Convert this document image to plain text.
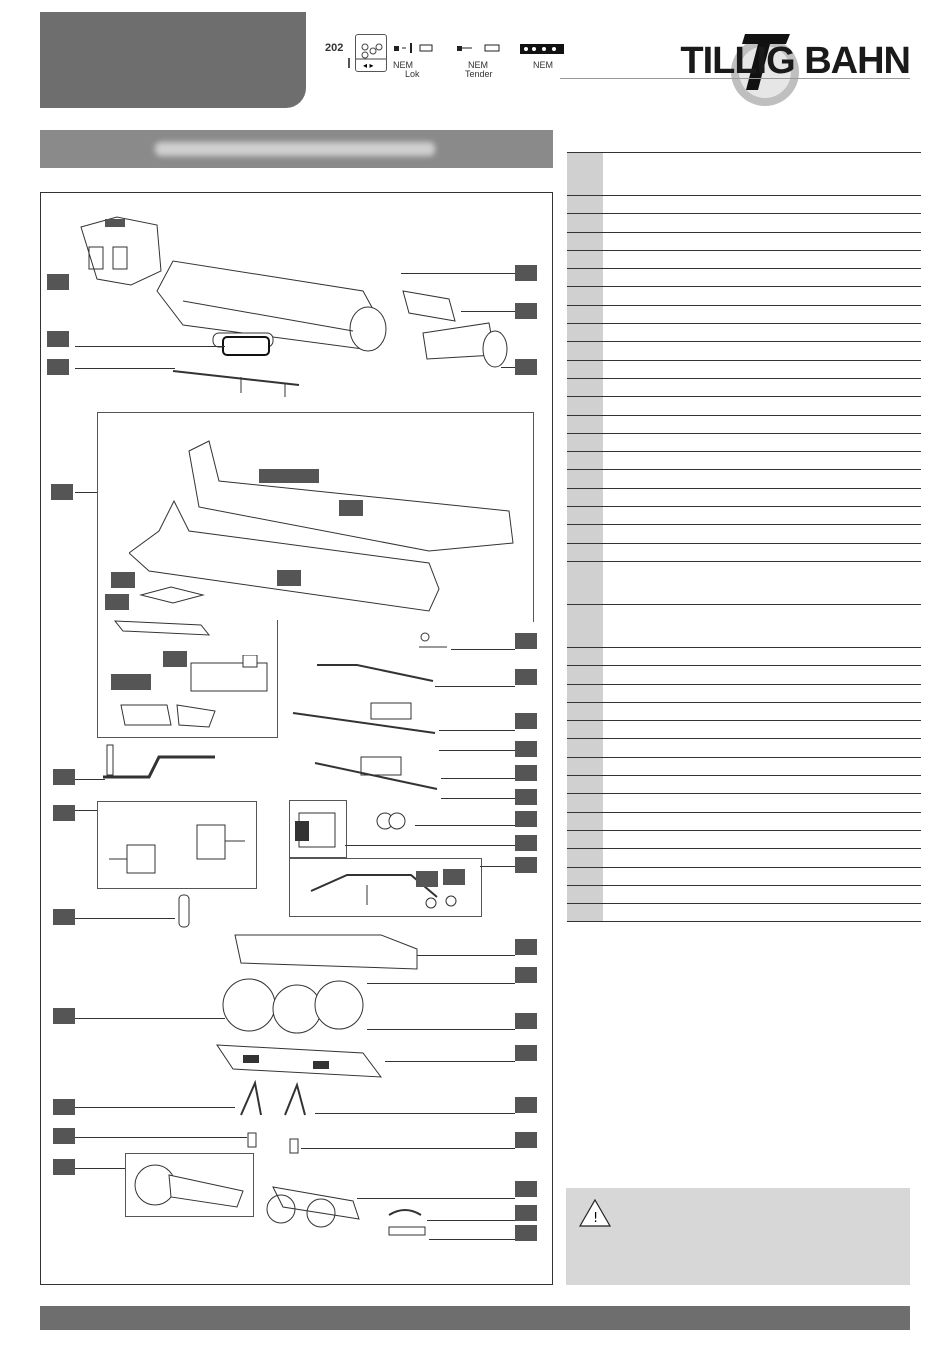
202
◂ ▸ NEM
Lok
NEM
Tender
NEM	TILLIG BAHN
!
